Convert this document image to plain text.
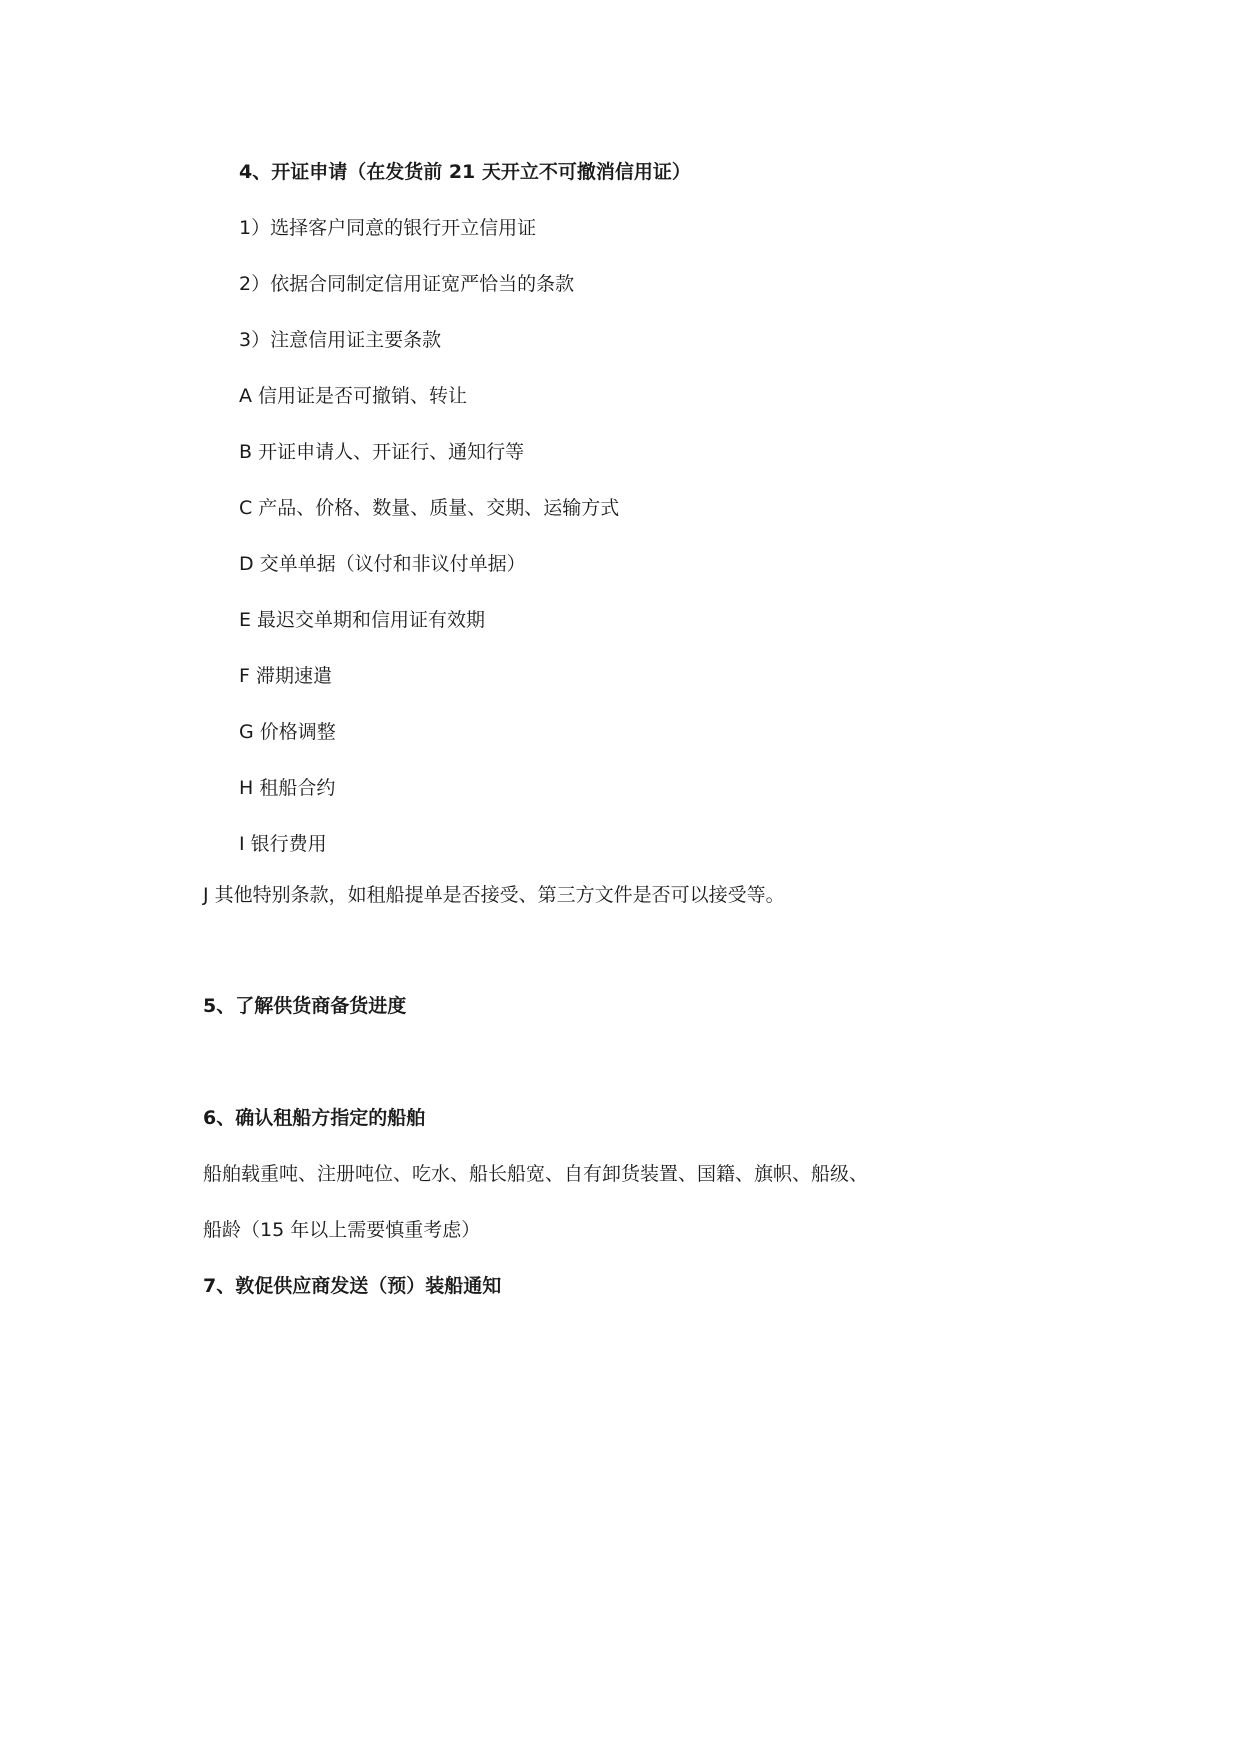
4、开证申请（在发货前 21 天开立不可撤消信用证）
1）选择客户同意的银行开立信用证
2）依据合同制定信用证宽严恰当的条款
3）注意信用证主要条款
A 信用证是否可撤销、转让
B 开证申请人、开证行、通知行等
C 产品、价格、数量、质量、交期、运输方式
D 交单单据（议付和非议付单据）
E 最迟交单期和信用证有效期
F 滞期速遣
G 价格调整
H 租船合约
I 银行费用
J 其他特别条款，如租船提单是否接受、第三方文件是否可以接受等。
5、了解供货商备货进度
6、确认租船方指定的船舶
船舶载重吨、注册吨位、吃水、船长船宽、自有卸货装置、国籍、旗帜、船级、
船龄（15 年以上需要慎重考虑）
7、敦促供应商发送（预）装船通知
